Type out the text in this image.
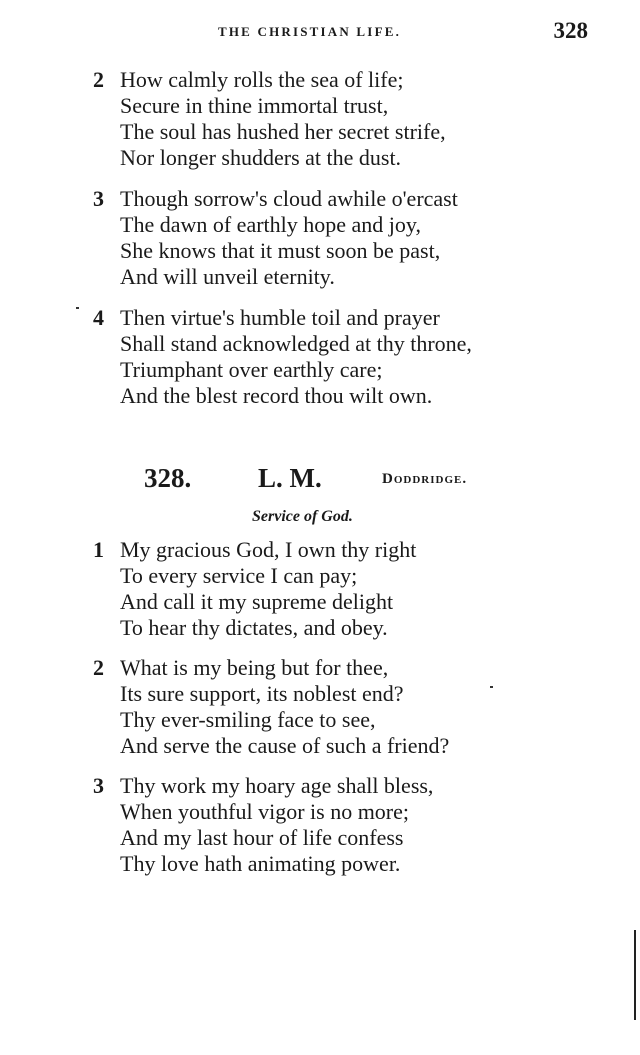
THE CHRISTIAN LIFE.	328
2 How calmly rolls the sea of life;
Secure in thine immortal trust,
The soul has hushed her secret strife,
Nor longer shudders at the dust.
3 Though sorrow's cloud awhile o'ercast
The dawn of earthly hope and joy,
She knows that it must soon be past,
And will unveil eternity.
4 Then virtue's humble toil and prayer
Shall stand acknowledged at thy throne,
Triumphant over earthly care;
And the blest record thou wilt own.
328. L. M.	Doddridge.
Service of God.
1 My gracious God, I own thy right
To every service I can pay;
And call it my supreme delight
To hear thy dictates, and obey.
2 What is my being but for thee,
Its sure support, its noblest end?
Thy ever-smiling face to see,
And serve the cause of such a friend?
3 Thy work my hoary age shall bless,
When youthful vigor is no more;
And my last hour of life confess
Thy love hath animating power.
